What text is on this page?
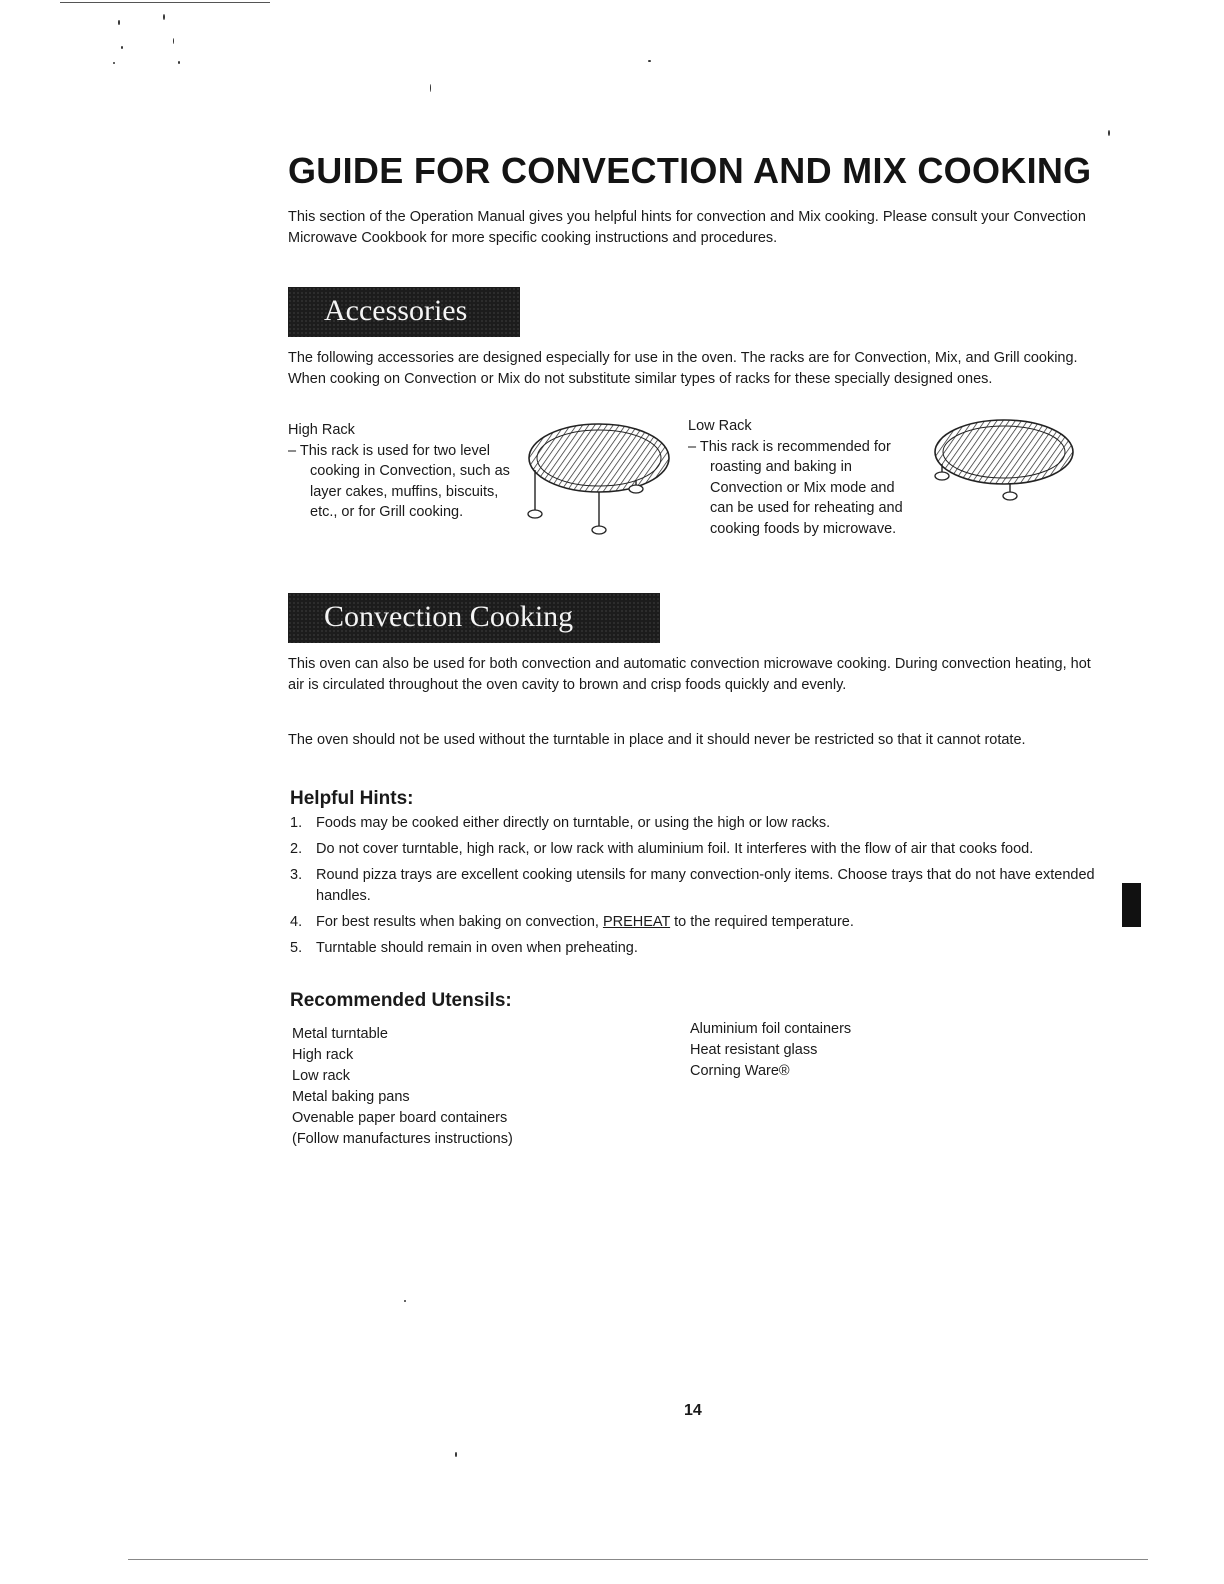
GUIDE FOR CONVECTION AND MIX COOKING
This section of the Operation Manual gives you helpful hints for convection and Mix cooking. Please consult your Convection Microwave Cookbook for more specific cooking instructions and procedures.
Accessories
The following accessories are designed especially for use in the oven. The racks are for Convection, Mix, and Grill cooking. When cooking on Convection or Mix do not substitute similar types of racks for these specially designed ones.
High Rack
– This rack is used for two level cooking in Convection, such as layer cakes, muffins, biscuits, etc., or for Grill cooking.
Low Rack
– This rack is recommended for roasting and baking in Convection or Mix mode and can be used for reheating and cooking foods by microwave.
Convection Cooking
This oven can also be used for both convection and automatic convection microwave cooking. During convection heating, hot air is circulated throughout the oven cavity to brown and crisp foods quickly and evenly.
The oven should not be used without the turntable in place and it should never be restricted so that it cannot rotate.
Helpful Hints:
1. Foods may be cooked either directly on turntable, or using the high or low racks.
2. Do not cover turntable, high rack, or low rack with aluminium foil. It interferes with the flow of air that cooks food.
3. Round pizza trays are excellent cooking utensils for many convection-only items. Choose trays that do not have extended handles.
4. For best results when baking on convection, PREHEAT to the required temperature.
5. Turntable should remain in oven when preheating.
Recommended Utensils:
Metal turntable
High rack
Low rack
Metal baking pans
Ovenable paper board containers
(Follow manufactures instructions)
Aluminium foil containers
Heat resistant glass
Corning Ware®
14
